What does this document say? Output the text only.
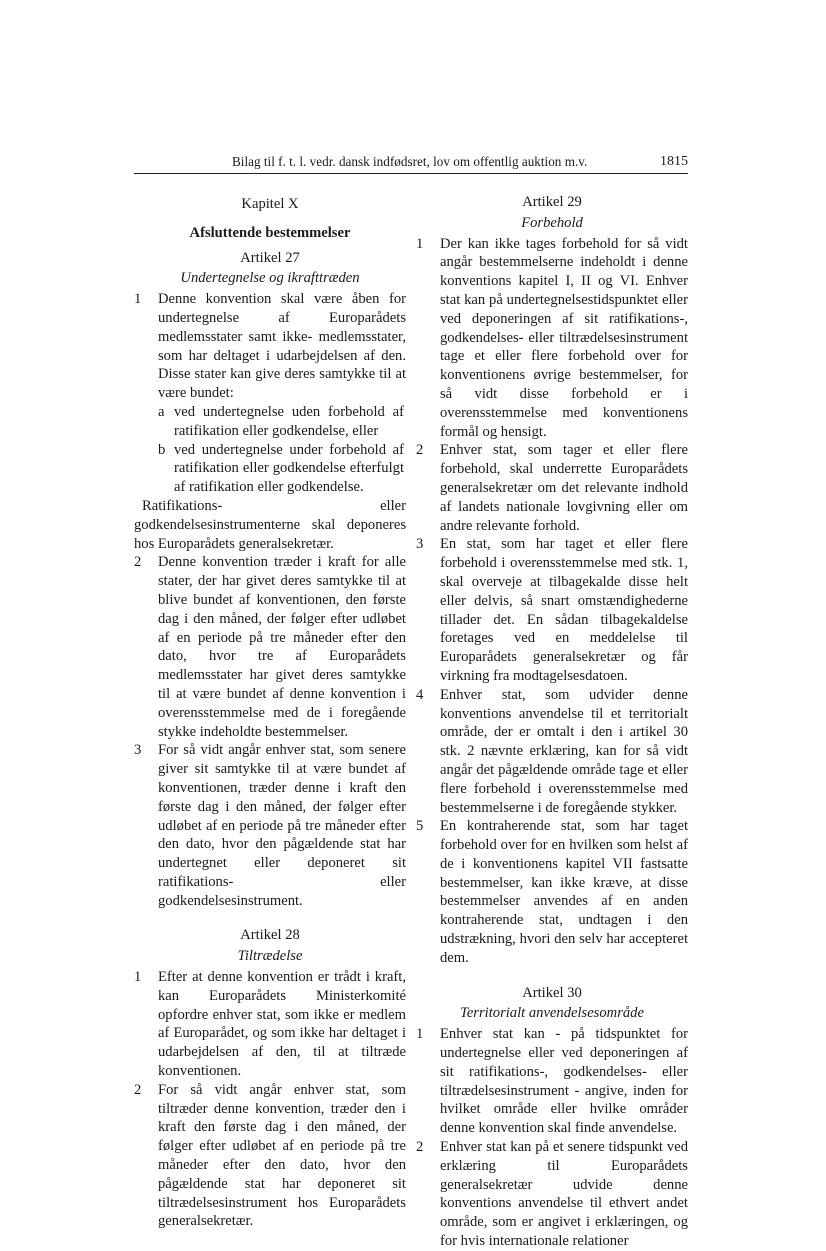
Bilag til f. t. l. vedr. dansk indfødsret, lov om offentlig auktion m.v.	1815
Kapitel X
Afsluttende bestemmelser
Artikel 27
Undertegnelse og ikrafttræden
1 Denne konvention skal være åben for undertegnelse af Europarådets medlemsstater samt ikke- medlemsstater, som har deltaget i udarbejdelsen af den. Disse stater kan give deres samtykke til at være bundet:
a ved undertegnelse uden forbehold af ratifikation eller godkendelse, eller
b ved undertegnelse under forbehold af ratifikation eller godkendelse efterfulgt af ratifikation eller godkendelse.
Ratifikations- eller godkendelsesinstrumenterne skal deponeres hos Europarådets generalsekretær.
2 Denne konvention træder i kraft for alle stater, der har givet deres samtykke til at blive bundet af konventionen, den første dag i den måned, der følger efter udløbet af en periode på tre måneder efter den dato, hvor tre af Europarådets medlemsstater har givet deres samtykke til at være bundet af denne konvention i overensstemmelse med de i foregående stykke indeholdte bestemmelser.
3 For så vidt angår enhver stat, som senere giver sit samtykke til at være bundet af konventionen, træder denne i kraft den første dag i den måned, der følger efter udløbet af en periode på tre måneder efter den dato, hvor den pågældende stat har undertegnet eller deponeret sit ratifikations- eller godkendelsesinstrument.
Artikel 28
Tiltrædelse
1 Efter at denne konvention er trådt i kraft, kan Europarådets Ministerkomité opfordre enhver stat, som ikke er medlem af Europarådet, og som ikke har deltaget i udarbejdelsen af den, til at tiltræde konventionen.
2 For så vidt angår enhver stat, som tiltræder denne konvention, træder den i kraft den første dag i den måned, der følger efter udløbet af en periode på tre måneder efter den dato, hvor den pågældende stat har deponeret sit tiltrædelsesinstrument hos Europarådets generalsekretær.
Artikel 29
Forbehold
1 Der kan ikke tages forbehold for så vidt angår bestemmelserne indeholdt i denne konventions kapitel I, II og VI. Enhver stat kan på undertegnelsestidspunktet eller ved deponeringen af sit ratifikations-, godkendelses- eller tiltrædelsesinstrument tage et eller flere forbehold over for konventionens øvrige bestemmelser, for så vidt disse forbehold er i overensstemmelse med konventionens formål og hensigt.
2 Enhver stat, som tager et eller flere forbehold, skal underrette Europarådets generalsekretær om det relevante indhold af landets nationale lovgivning eller om andre relevante forhold.
3 En stat, som har taget et eller flere forbehold i overensstemmelse med stk. 1, skal overveje at tilbagekalde disse helt eller delvis, så snart omstændighederne tillader det. En sådan tilbagekaldelse foretages ved en meddelelse til Europarådets generalsekretær og får virkning fra modtagelsesdatoen.
4 Enhver stat, som udvider denne konventions anvendelse til et territorialt område, der er omtalt i den i artikel 30 stk. 2 nævnte erklæring, kan for så vidt angår det pågældende område tage et eller flere forbehold i overensstemmelse med bestemmelserne i de foregående stykker.
5 En kontraherende stat, som har taget forbehold over for en hvilken som helst af de i konventionens kapitel VII fastsatte bestemmelser, kan ikke kræve, at disse bestemmelser anvendes af en anden kontraherende stat, undtagen i den udstrækning, hvori den selv har accepteret dem.
Artikel 30
Territorialt anvendelsesområde
1 Enhver stat kan - på tidspunktet for undertegnelse eller ved deponeringen af sit ratifikations-, godkendelses- eller tiltrædelsesinstrument - angive, inden for hvilket område eller hvilke områder denne konvention skal finde anvendelse.
2 Enhver stat kan på et senere tidspunkt ved erklæring til Europarådets generalsekretær udvide denne konventions anvendelse til ethvert andet område, som er angivet i erklæringen, og for hvis internationale relationer
